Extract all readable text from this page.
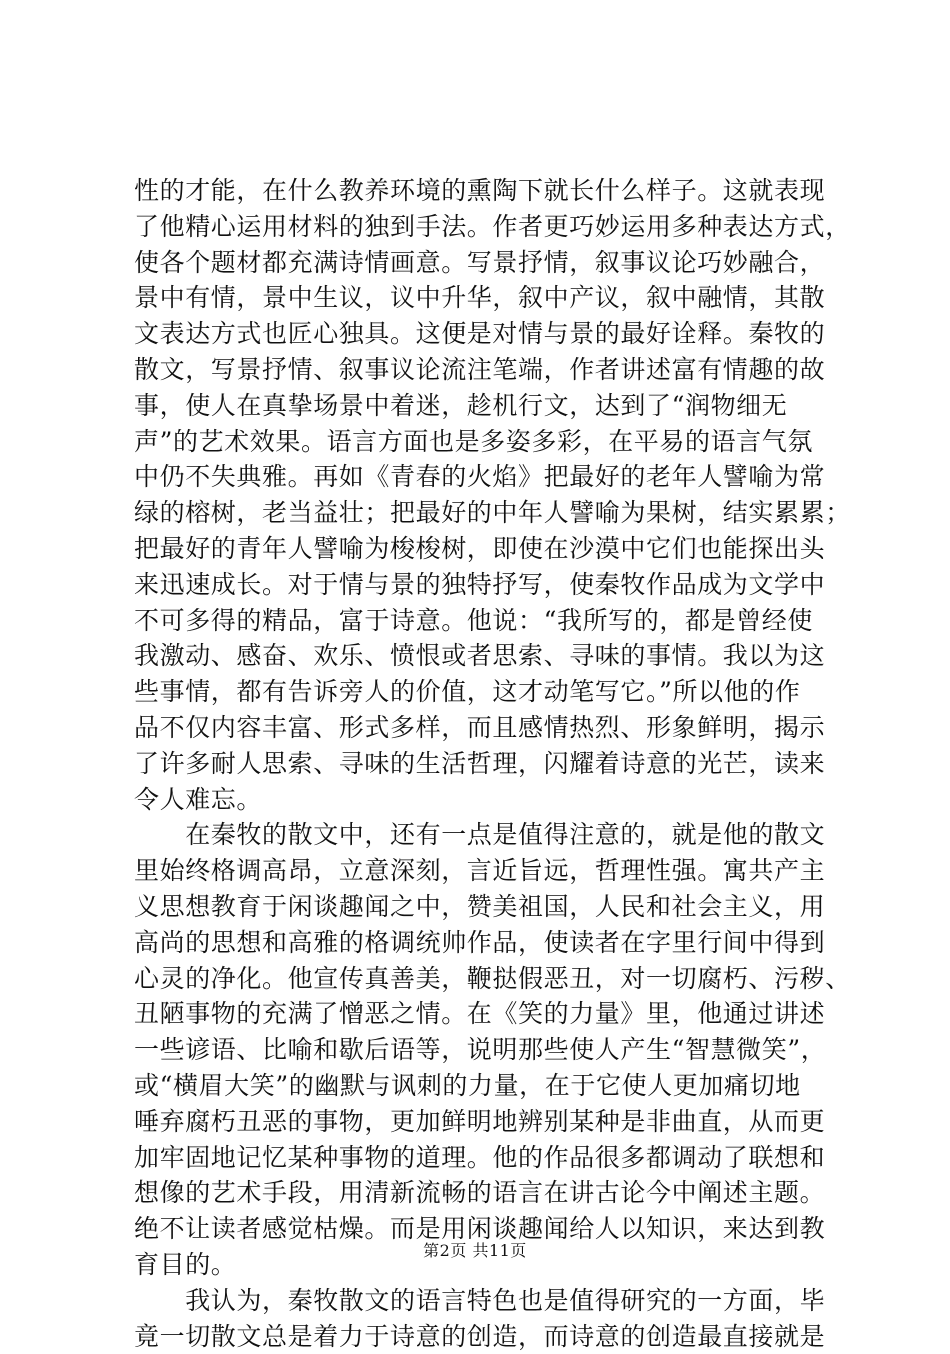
性的才能，在什么教养环境的熏陶下就长什么样子。这就表现
了他精心运用材料的独到手法。作者更巧妙运用多种表达方式，
使各个题材都充满诗情画意。写景抒情，叙事议论巧妙融合，
景中有情，景中生议，议中升华，叙中产议，叙中融情，其散
文表达方式也匠心独具。这便是对情与景的最好诠释。秦牧的
散文，写景抒情、叙事议论流注笔端，作者讲述富有情趣的故
事，使人在真挚场景中着迷，趁机行文，达到了“润物细无
声”的艺术效果。语言方面也是多姿多彩，在平易的语言气氛
中仍不失典雅。再如《青春的火焰》把最好的老年人譬喻为常
绿的榕树，老当益壮；把最好的中年人譬喻为果树，结实累累；
把最好的青年人譬喻为梭梭树，即使在沙漠中它们也能探出头
来迅速成长。对于情与景的独特抒写，使秦牧作品成为文学中
不可多得的精品，富于诗意。他说：“我所写的，都是曾经使
我激动、感奋、欢乐、愤恨或者思索、寻味的事情。我以为这
些事情，都有告诉旁人的价值，这才动笔写它。”所以他的作
品不仅内容丰富、形式多样，而且感情热烈、形象鲜明，揭示
了许多耐人思索、寻味的生活哲理，闪耀着诗意的光芒，读来
令人难忘。
　　在秦牧的散文中，还有一点是值得注意的，就是他的散文
里始终格调高昂，立意深刻，言近旨远，哲理性强。寓共产主
义思想教育于闲谈趣闻之中，赞美祖国，人民和社会主义，用
高尚的思想和高雅的格调统帅作品，使读者在字里行间中得到
心灵的净化。他宣传真善美，鞭挞假恶丑，对一切腐朽、污秽、
丑陋事物的充满了憎恶之情。在《笑的力量》里，他通过讲述
一些谚语、比喻和歇后语等，说明那些使人产生“智慧微笑”，
或“横眉大笑”的幽默与讽刺的力量，在于它使人更加痛切地
唾弃腐朽丑恶的事物，更加鲜明地辨别某种是非曲直，从而更
加牢固地记忆某种事物的道理。他的作品很多都调动了联想和
想像的艺术手段，用清新流畅的语言在讲古论今中阐述主题。
绝不让读者感觉枯燥。而是用闲谈趣闻给人以知识，来达到教
育目的。
　　我认为，秦牧散文的语言特色也是值得研究的一方面，毕
竟一切散文总是着力于诗意的创造，而诗意的创造最直接就是
第2页 共11页
